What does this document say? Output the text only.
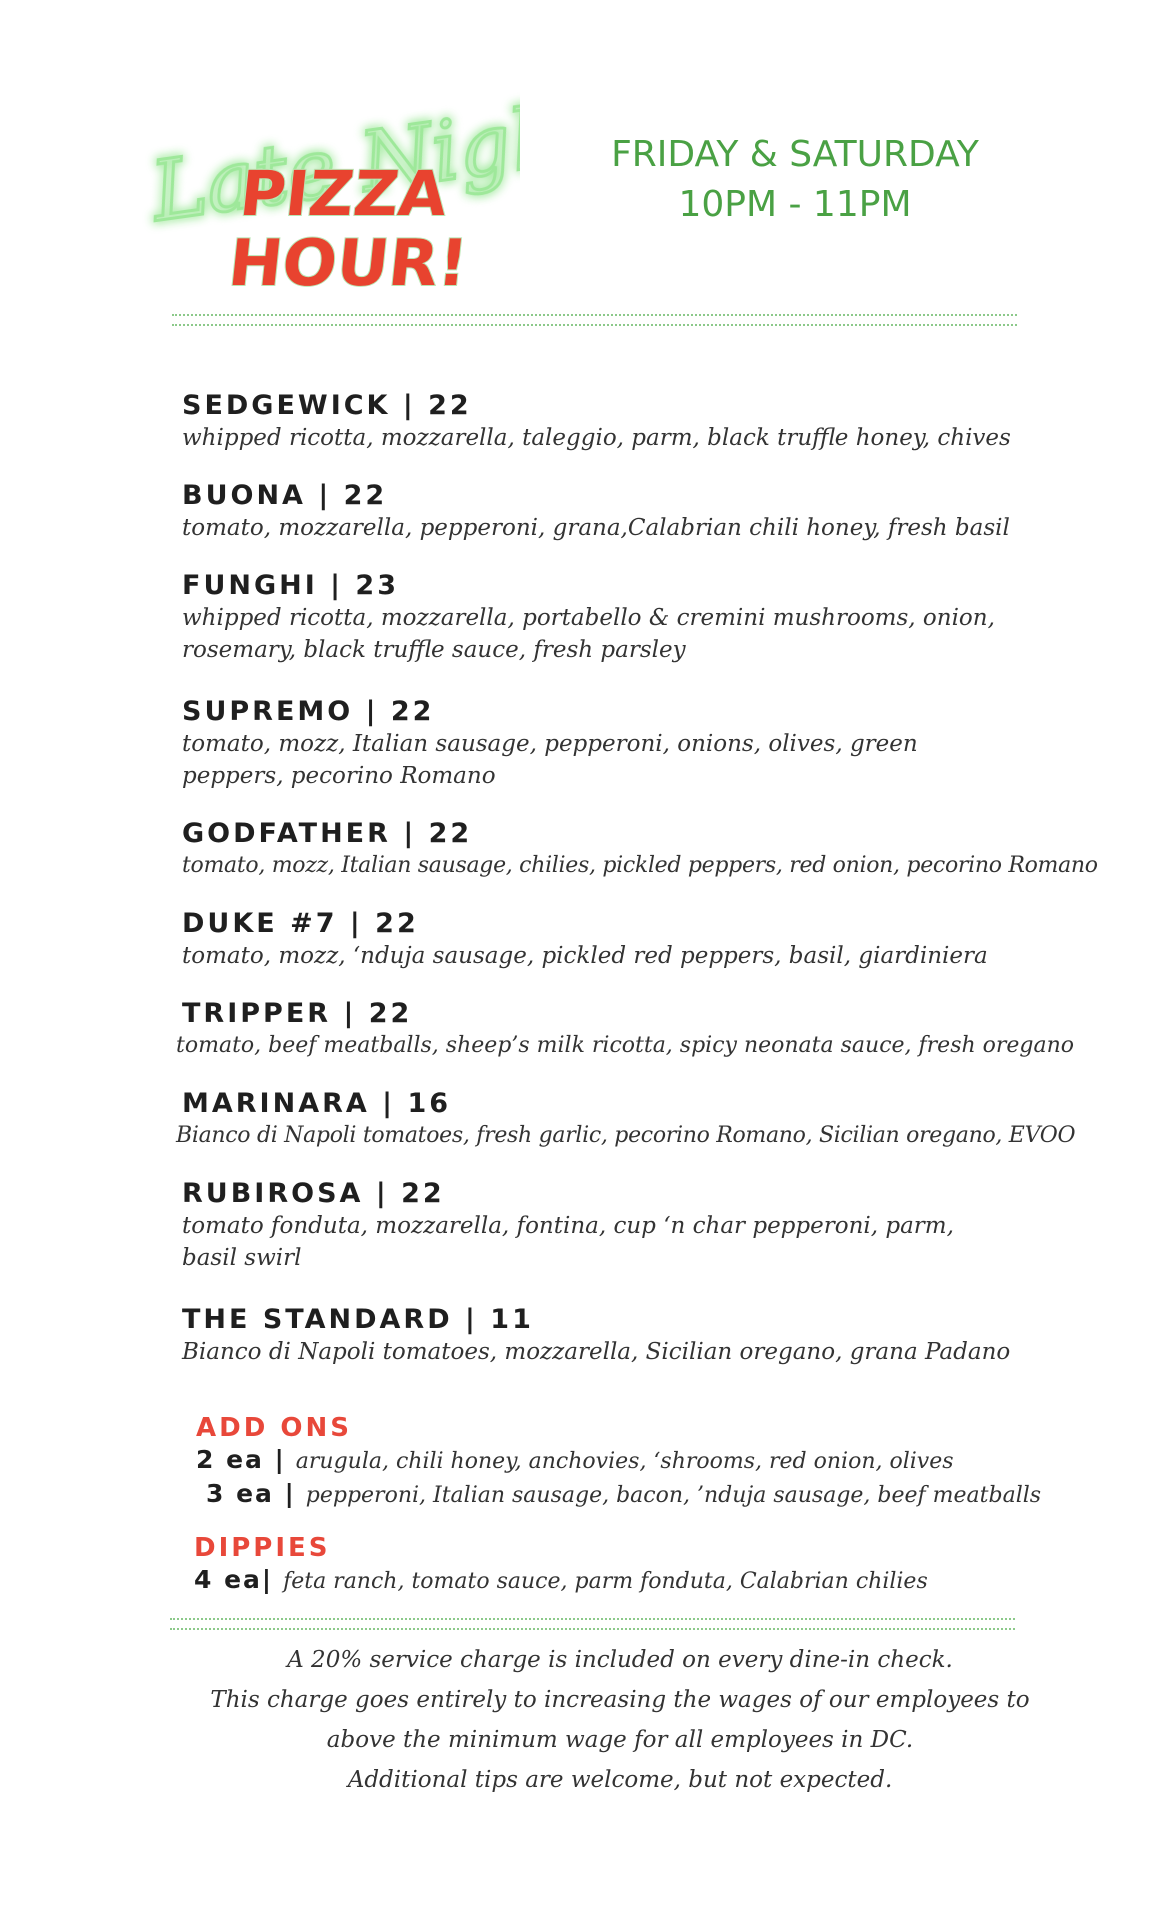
Late Night
PIZZA
HOUR!
FRIDAY & SATURDAY
10PM - 11PM
SEDGEWICK | 22
whipped ricotta, mozzarella, taleggio, parm, black truffle honey, chives
BUONA | 22
tomato, mozzarella, pepperoni, grana,Calabrian chili honey, fresh basil
FUNGHI | 23
whipped ricotta, mozzarella, portabello & cremini mushrooms, onion, rosemary, black truffle sauce, fresh parsley
SUPREMO | 22
tomato, mozz, Italian sausage, pepperoni, onions, olives, green peppers, pecorino Romano
GODFATHER | 22
tomato, mozz, Italian sausage, chilies, pickled peppers, red onion, pecorino Romano
DUKE #7 | 22
tomato, mozz, ‘nduja sausage, pickled red peppers, basil, giardiniera
TRIPPER | 22
tomato, beef meatballs, sheep’s milk ricotta, spicy neonata sauce, fresh oregano
MARINARA | 16
Bianco di Napoli tomatoes, fresh garlic, pecorino Romano, Sicilian oregano, EVOO
RUBIROSA | 22
tomato fonduta, mozzarella, fontina, cup ‘n char pepperoni, parm, basil swirl
THE STANDARD | 11
Bianco di Napoli tomatoes, mozzarella, Sicilian oregano, grana Padano
ADD ONS
2 ea | arugula, chili honey, anchovies, ‘shrooms, red onion, olives
3 ea | pepperoni, Italian sausage, bacon, ’nduja sausage, beef meatballs
DIPPIES
4 ea| feta ranch, tomato sauce, parm fonduta, Calabrian chilies
A 20% service charge is included on every dine-in check.
This charge goes entirely to increasing the wages of our employees to
above the minimum wage for all employees in DC.
Additional tips are welcome, but not expected.
